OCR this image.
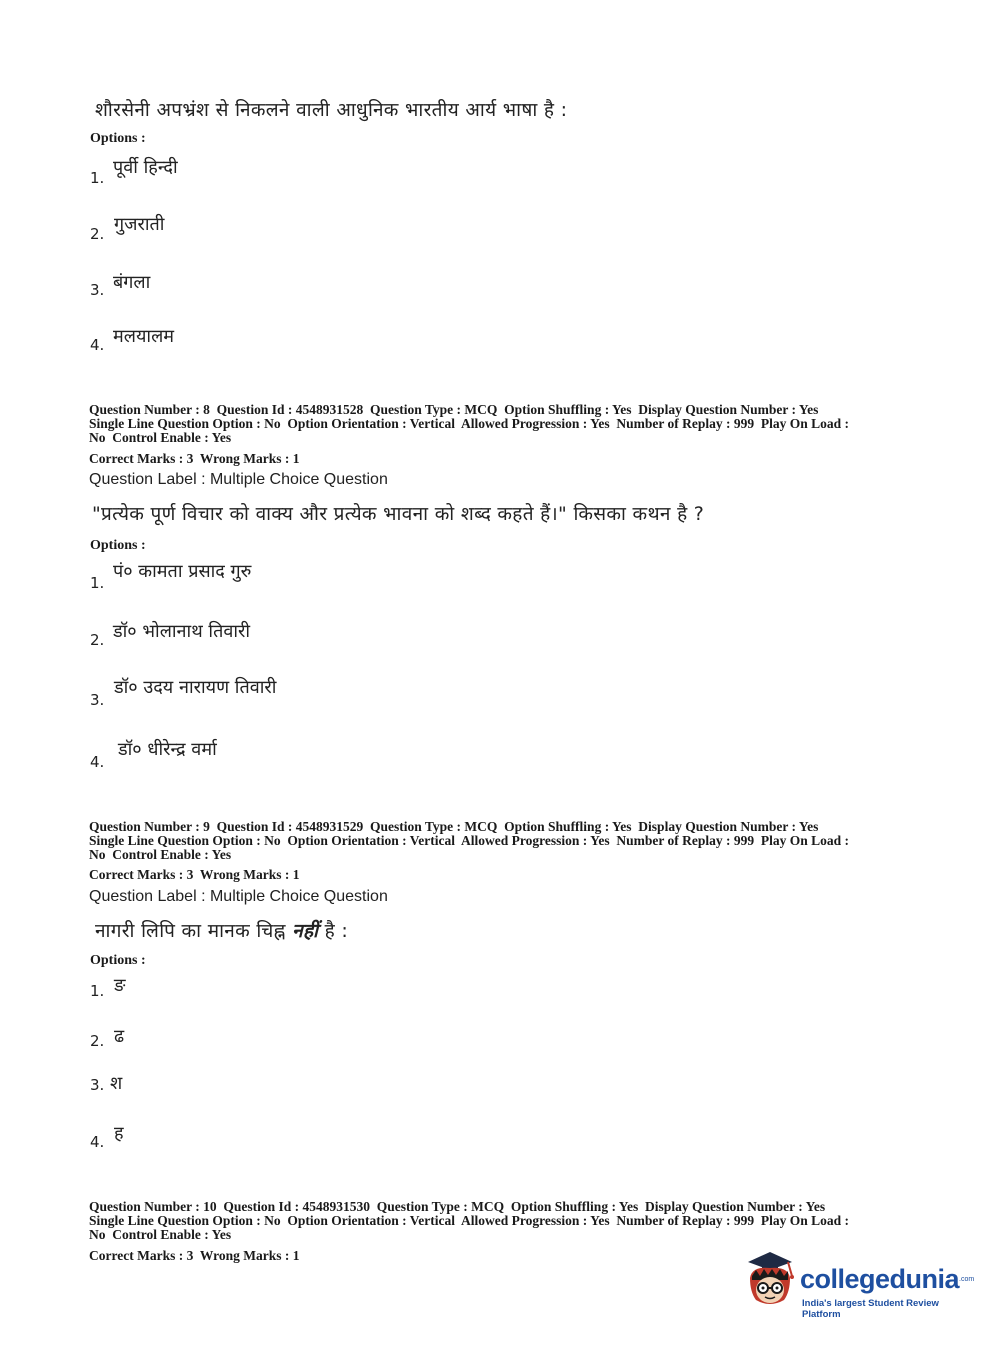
शौरसेनी अपभ्रंश से निकलने वाली आधुनिक भारतीय आर्य भाषा है :
Options :
1. पूर्वी हिन्दी
2. गुजराती
3. बंगला
4. मलयालम
Question Number : 8  Question Id : 4548931528  Question Type : MCQ  Option Shuffling : Yes  Display Question Number : Yes
Single Line Question Option : No  Option Orientation : Vertical  Allowed Progression : Yes  Number of Replay : 999  Play On Load :
No  Control Enable : Yes
Correct Marks : 3  Wrong Marks : 1
Question Label : Multiple Choice Question
"प्रत्येक पूर्ण विचार को वाक्य और प्रत्येक भावना को शब्द कहते हैं।" किसका कथन है ?
Options :
1.
पं० कामता प्रसाद गुरु
2. डॉ० भोलानाथ तिवारी
3.
डॉ० उदय नारायण तिवारी
4.
डॉ० धीरेन्द्र वर्मा
Question Number : 9  Question Id : 4548931529  Question Type : MCQ  Option Shuffling : Yes  Display Question Number : Yes
Single Line Question Option : No  Option Orientation : Vertical  Allowed Progression : Yes  Number of Replay : 999  Play On Load :
No  Control Enable : Yes
Correct Marks : 3  Wrong Marks : 1
Question Label : Multiple Choice Question
नागरी लिपि का मानक चिह्न नहीं है :
Options :
1. ङ
2. ढ
3. श
4. ह
Question Number : 10  Question Id : 4548931530  Question Type : MCQ  Option Shuffling : Yes  Display Question Number : Yes
Single Line Question Option : No  Option Orientation : Vertical  Allowed Progression : Yes  Number of Replay : 999  Play On Load :
No  Control Enable : Yes
Correct Marks : 3  Wrong Marks : 1
collegedunia .com
India's largest Student Review Platform
